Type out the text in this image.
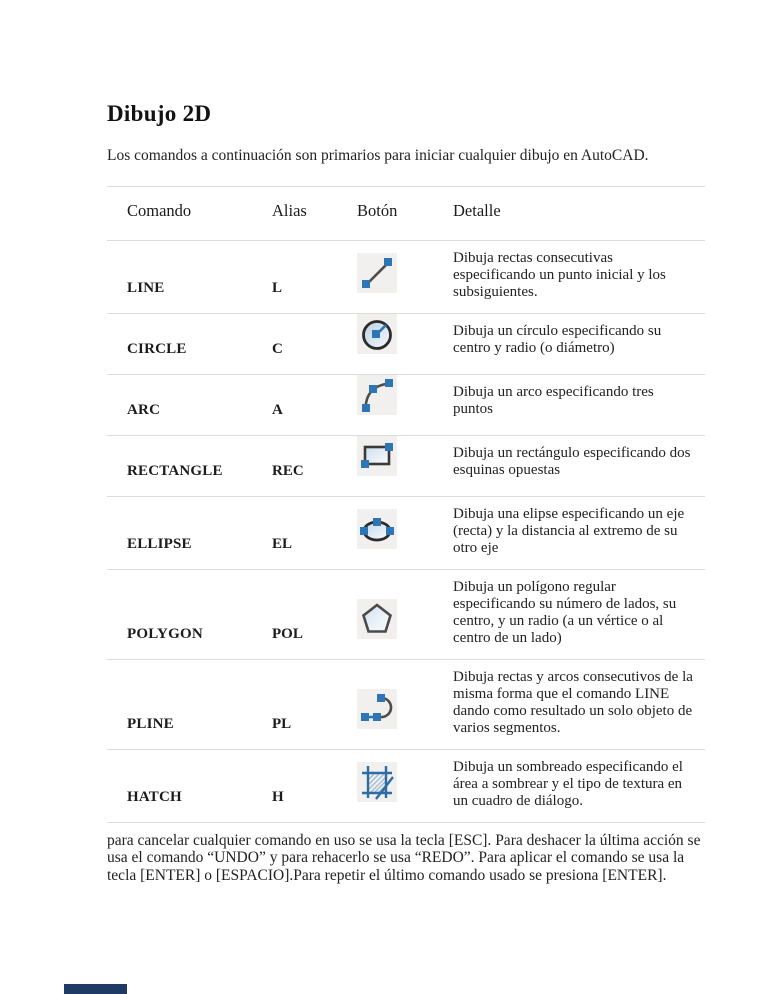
Dibujo 2D

Los comandos a continuación son primarios para iniciar cualquier dibujo en AutoCAD.

Comando	Alias	Botón	Detalle
LINE	L		Dibuja rectas consecutivas especificando un punto inicial y los subsiguientes.
CIRCLE	C		Dibuja un círculo especificando su centro y radio (o diámetro)
ARC	A		Dibuja un arco especificando tres puntos
RECTANGLE	REC		Dibuja un rectángulo especificando dos esquinas opuestas
ELLIPSE	EL		Dibuja una elipse especificando un eje (recta) y la distancia al extremo de su otro eje
POLYGON	POL		Dibuja un polígono regular especificando su número de lados, su centro, y un radio (a un vértice o al centro de un lado)
PLINE	PL		Dibuja rectas y arcos consecutivos de la misma forma que el comando LINE dando como resultado un solo objeto de varios segmentos.
HATCH	H		Dibuja un sombreado especificando el área a sombrear y el tipo de textura en un cuadro de diálogo.

para cancelar cualquier comando en uso se usa la tecla [ESC]. Para deshacer la última acción se usa el comando “UNDO” y para rehacerlo se usa “REDO”. Para aplicar el comando se usa la tecla [ENTER] o [ESPACIO].Para repetir el último comando usado se presiona [ENTER].
